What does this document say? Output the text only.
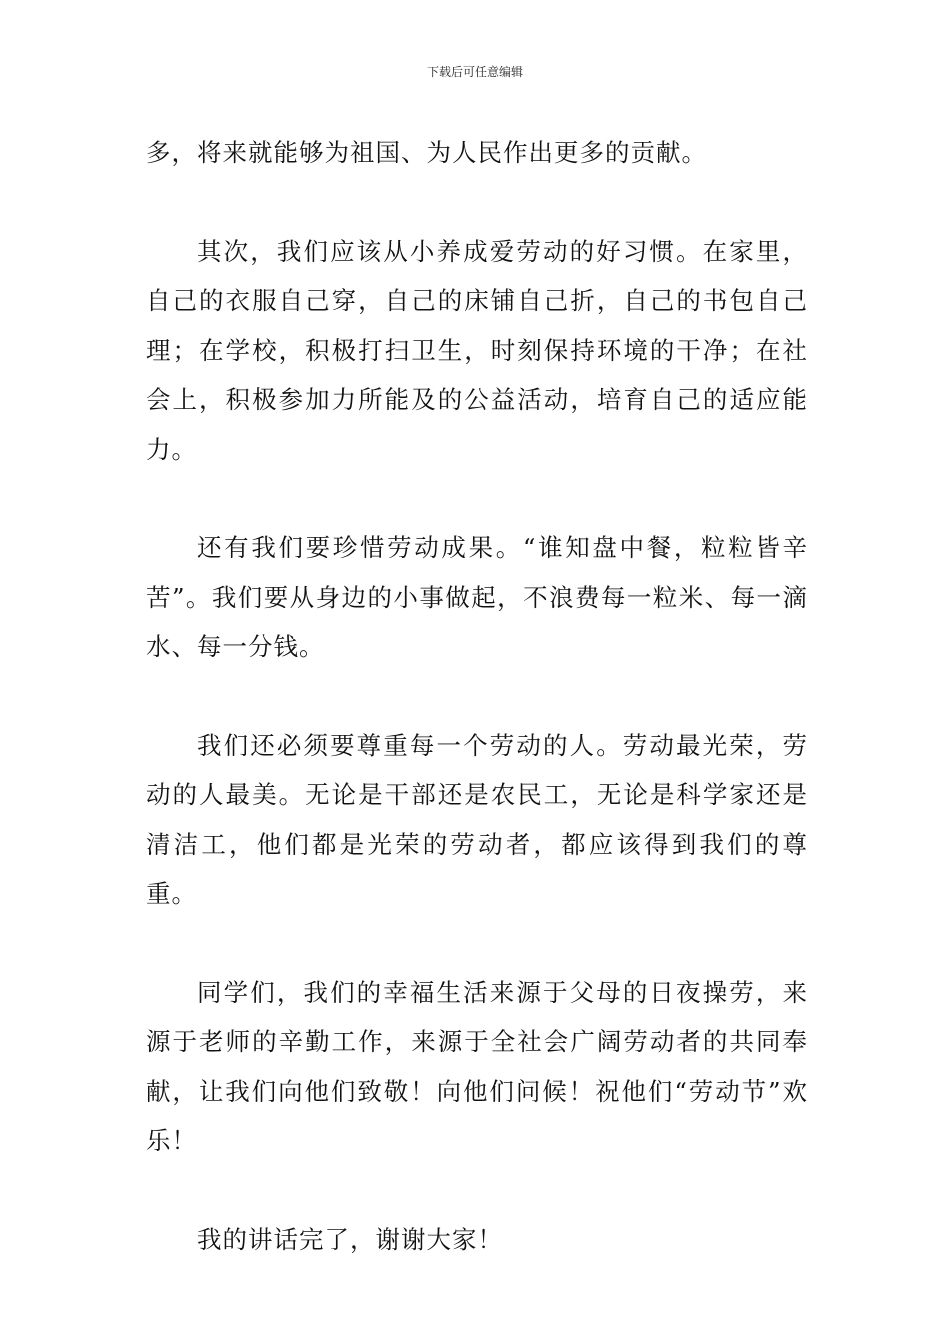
下载后可任意编辑

多，将来就能够为祖国、为人民作出更多的贡献。

其次，我们应该从小养成爱劳动的好习惯。在家里，自己的衣服自己穿，自己的床铺自己折，自己的书包自己理；在学校，积极打扫卫生，时刻保持环境的干净；在社会上，积极参加力所能及的公益活动，培育自己的适应能力。

还有我们要珍惜劳动成果。“谁知盘中餐，粒粒皆辛苦”。我们要从身边的小事做起，不浪费每一粒米、每一滴水、每一分钱。

我们还必须要尊重每一个劳动的人。劳动最光荣，劳动的人最美。无论是干部还是农民工，无论是科学家还是清洁工，他们都是光荣的劳动者，都应该得到我们的尊重。

同学们，我们的幸福生活来源于父母的日夜操劳，来源于老师的辛勤工作，来源于全社会广阔劳动者的共同奉献，让我们向他们致敬！向他们问候！祝他们“劳动节”欢乐！

我的讲话完了，谢谢大家！
